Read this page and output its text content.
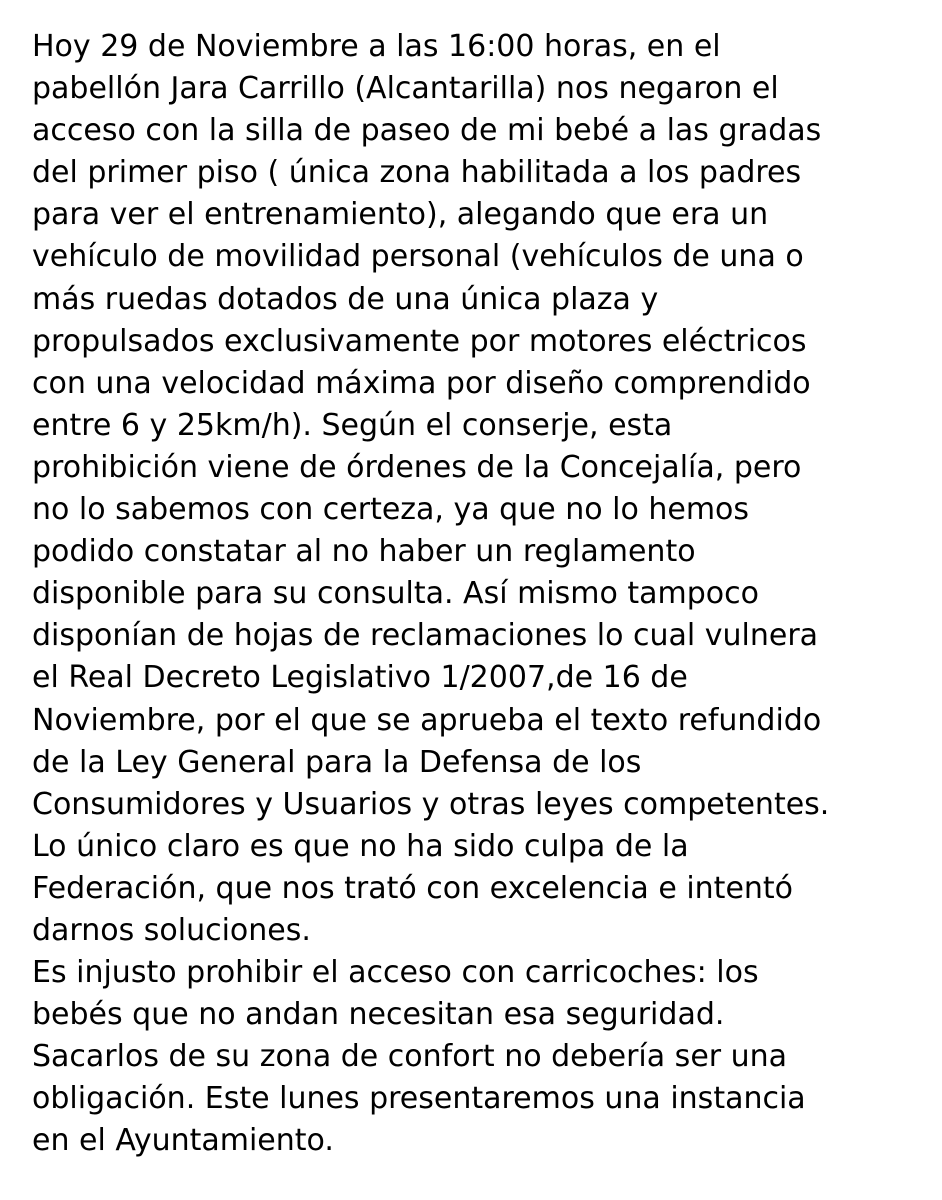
Hoy 29 de Noviembre a las 16:00 horas, en el
pabellón Jara Carrillo (Alcantarilla) nos negaron el
acceso con la silla de paseo de mi bebé a las gradas
del primer piso ( única zona habilitada a los padres
para ver el entrenamiento), alegando que era un
vehículo de movilidad personal (vehículos de una o
más ruedas dotados de una única plaza y
propulsados exclusivamente por motores eléctricos
con una velocidad máxima por diseño comprendido
entre 6 y 25km/h). Según el conserje, esta
prohibición viene de órdenes de la Concejalía, pero
no lo sabemos con certeza, ya que no lo hemos
podido constatar al no haber un reglamento
disponible para su consulta. Así mismo tampoco
disponían de hojas de reclamaciones lo cual vulnera
el Real Decreto Legislativo 1/2007,de 16 de
Noviembre, por el que se aprueba el texto refundido
de la Ley General para la Defensa de los
Consumidores y Usuarios y otras leyes competentes.
Lo único claro es que no ha sido culpa de la
Federación, que nos trató con excelencia e intentó
darnos soluciones.
Es injusto prohibir el acceso con carricoches: los
bebés que no andan necesitan esa seguridad.
Sacarlos de su zona de confort no debería ser una
obligación. Este lunes presentaremos una instancia
en el Ayuntamiento.
